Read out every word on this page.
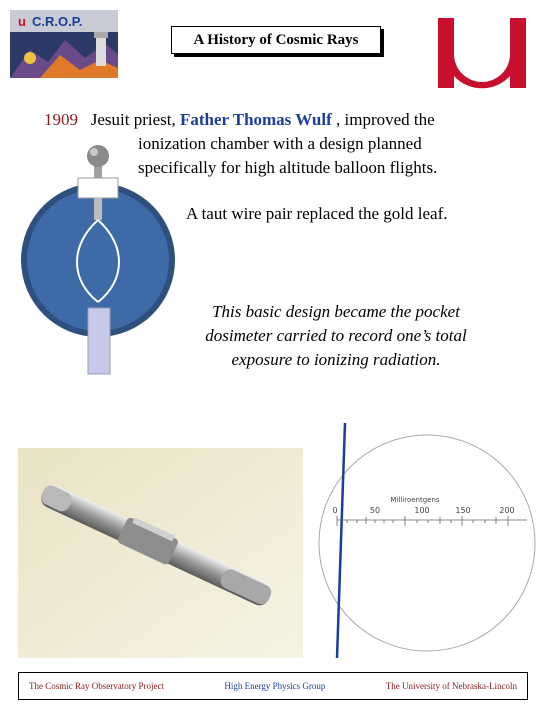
u C.R.O.P.
A History of Cosmic Rays
1909 Jesuit priest, Father Thomas Wulf , improved the
ionization chamber with a design planned
specifically for high altitude balloon flights.
A taut wire pair replaced the gold leaf.
This basic design became the pocket dosimeter carried to record one’s total exposure to ionizing radiation.
Milliroentgens
0	50	100	150	200
The Cosmic Ray Observatory Project	High Energy Physics Group	The University of Nebraska-Lincoln
